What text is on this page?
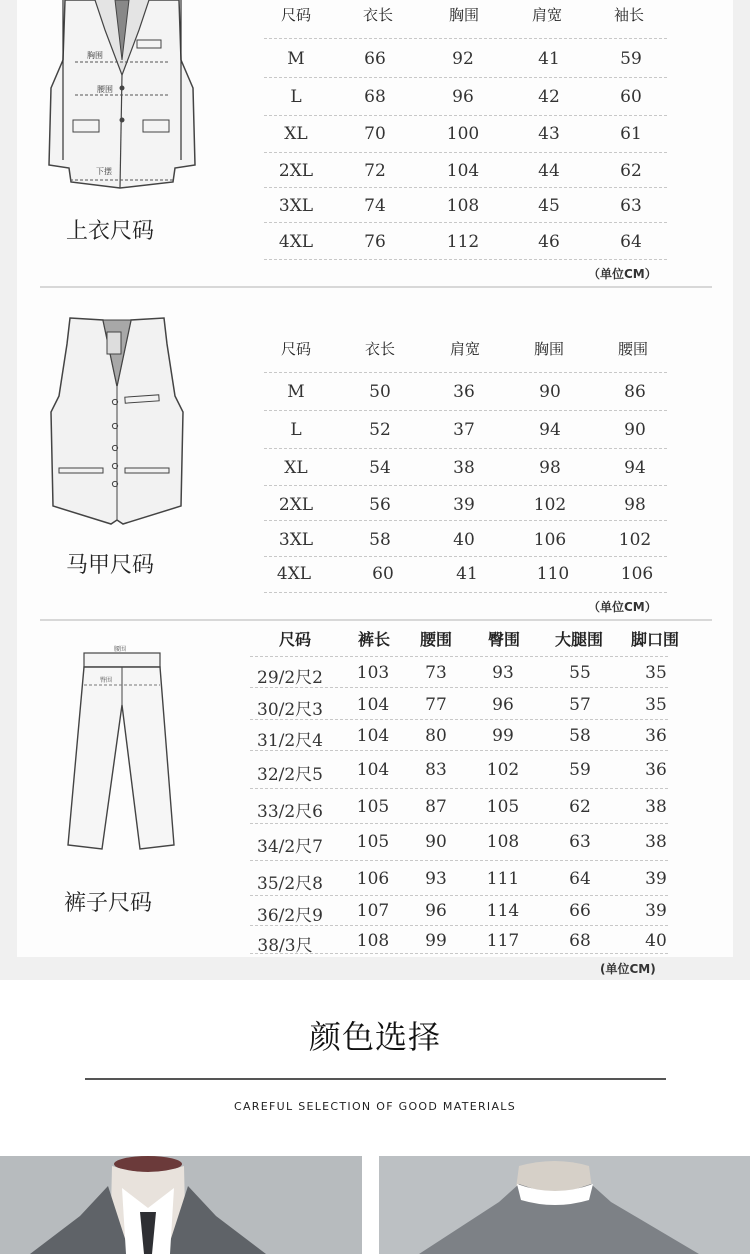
胸围
腰围
下摆
上衣尺码
尺码	衣长	胸围	肩宽	袖长
M	66	92	41	59
L	68	96	42	60
XL	70	100	43	61
2XL	72	104	44	62
3XL	74	108	45	63
4XL	76	112	46	64
（单位CM）
马甲尺码
尺码	衣长	肩宽	胸围	腰围
M	50	36	90	86
L	52	37	94	90
XL	54	38	98	94
2XL	56	39	102	98
3XL	58	40	106	102
4XL	60	41	110	106
（单位CM）
腰围
臀围
裤子尺码
尺码	裤长	腰围	臀围	大腿围	脚口围
29/2尺2	103	73	93	55	35
30/2尺3	104	77	96	57	35
31/2尺4	104	80	99	58	36
32/2尺5	104	83	102	59	36
33/2尺6	105	87	105	62	38
34/2尺7	105	90	108	63	38
35/2尺8	106	93	111	64	39
36/2尺9	107	96	114	66	39
38/3尺	108	99	117	68	40
(单位CM)
颜色选择
CAREFUL SELECTION OF GOOD MATERIALS
